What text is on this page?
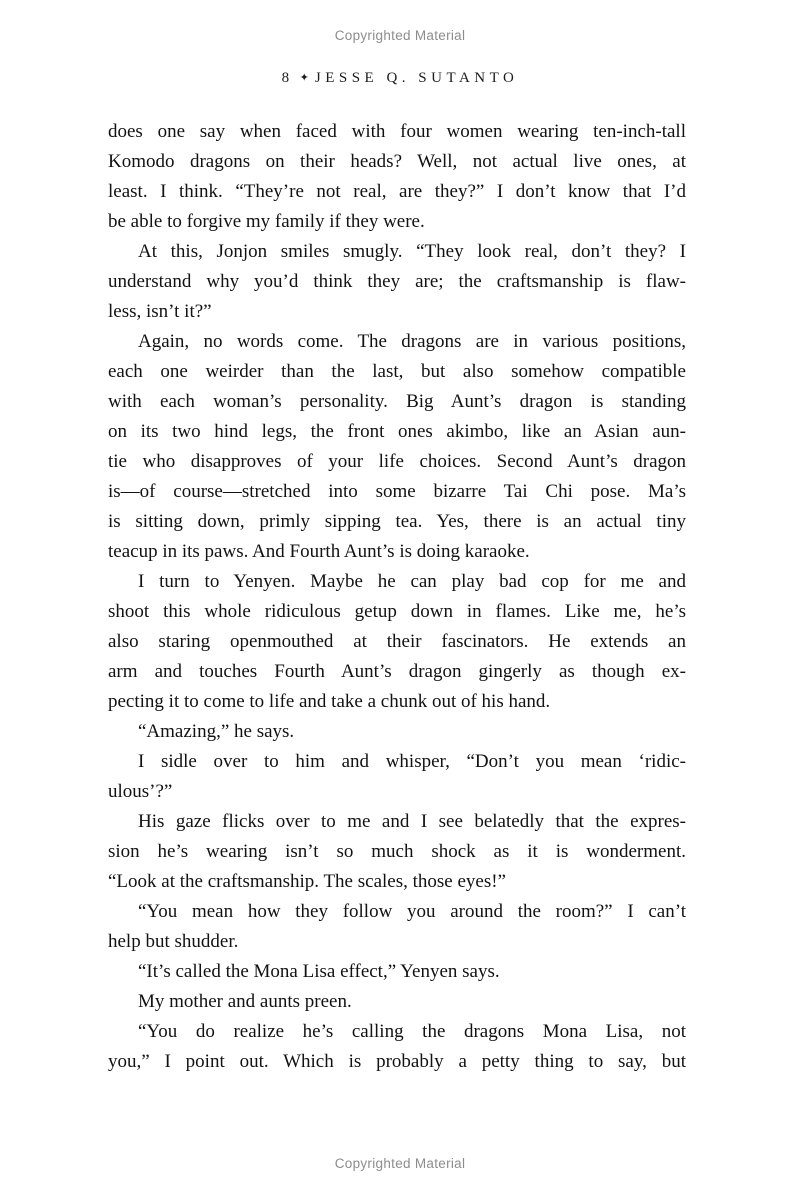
Copyrighted Material
8 ✦ JESSE Q. SUTANTO
does one say when faced with four women wearing ten-inch-tall
Komodo dragons on their heads? Well, not actual live ones, at
least. I think. “They’re not real, are they?” I don’t know that I’d
be able to forgive my family if they were.
At this, Jonjon smiles smugly. “They look real, don’t they? I
understand why you’d think they are; the craftsmanship is flaw-
less, isn’t it?”
Again, no words come. The dragons are in various positions,
each one weirder than the last, but also somehow compatible
with each woman’s personality. Big Aunt’s dragon is standing
on its two hind legs, the front ones akimbo, like an Asian aun-
tie who disapproves of your life choices. Second Aunt’s dragon
is—of course—stretched into some bizarre Tai Chi pose. Ma’s
is sitting down, primly sipping tea. Yes, there is an actual tiny
teacup in its paws. And Fourth Aunt’s is doing karaoke.
I turn to Yenyen. Maybe he can play bad cop for me and
shoot this whole ridiculous getup down in flames. Like me, he’s
also staring openmouthed at their fascinators. He extends an
arm and touches Fourth Aunt’s dragon gingerly as though ex-
pecting it to come to life and take a chunk out of his hand.
“Amazing,” he says.
I sidle over to him and whisper, “Don’t you mean ‘ridic-
ulous’?”
His gaze flicks over to me and I see belatedly that the expres-
sion he’s wearing isn’t so much shock as it is wonderment.
“Look at the craftsmanship. The scales, those eyes!”
“You mean how they follow you around the room?” I can’t
help but shudder.
“It’s called the Mona Lisa effect,” Yenyen says.
My mother and aunts preen.
“You do realize he’s calling the dragons Mona Lisa, not
you,” I point out. Which is probably a petty thing to say, but
Copyrighted Material
